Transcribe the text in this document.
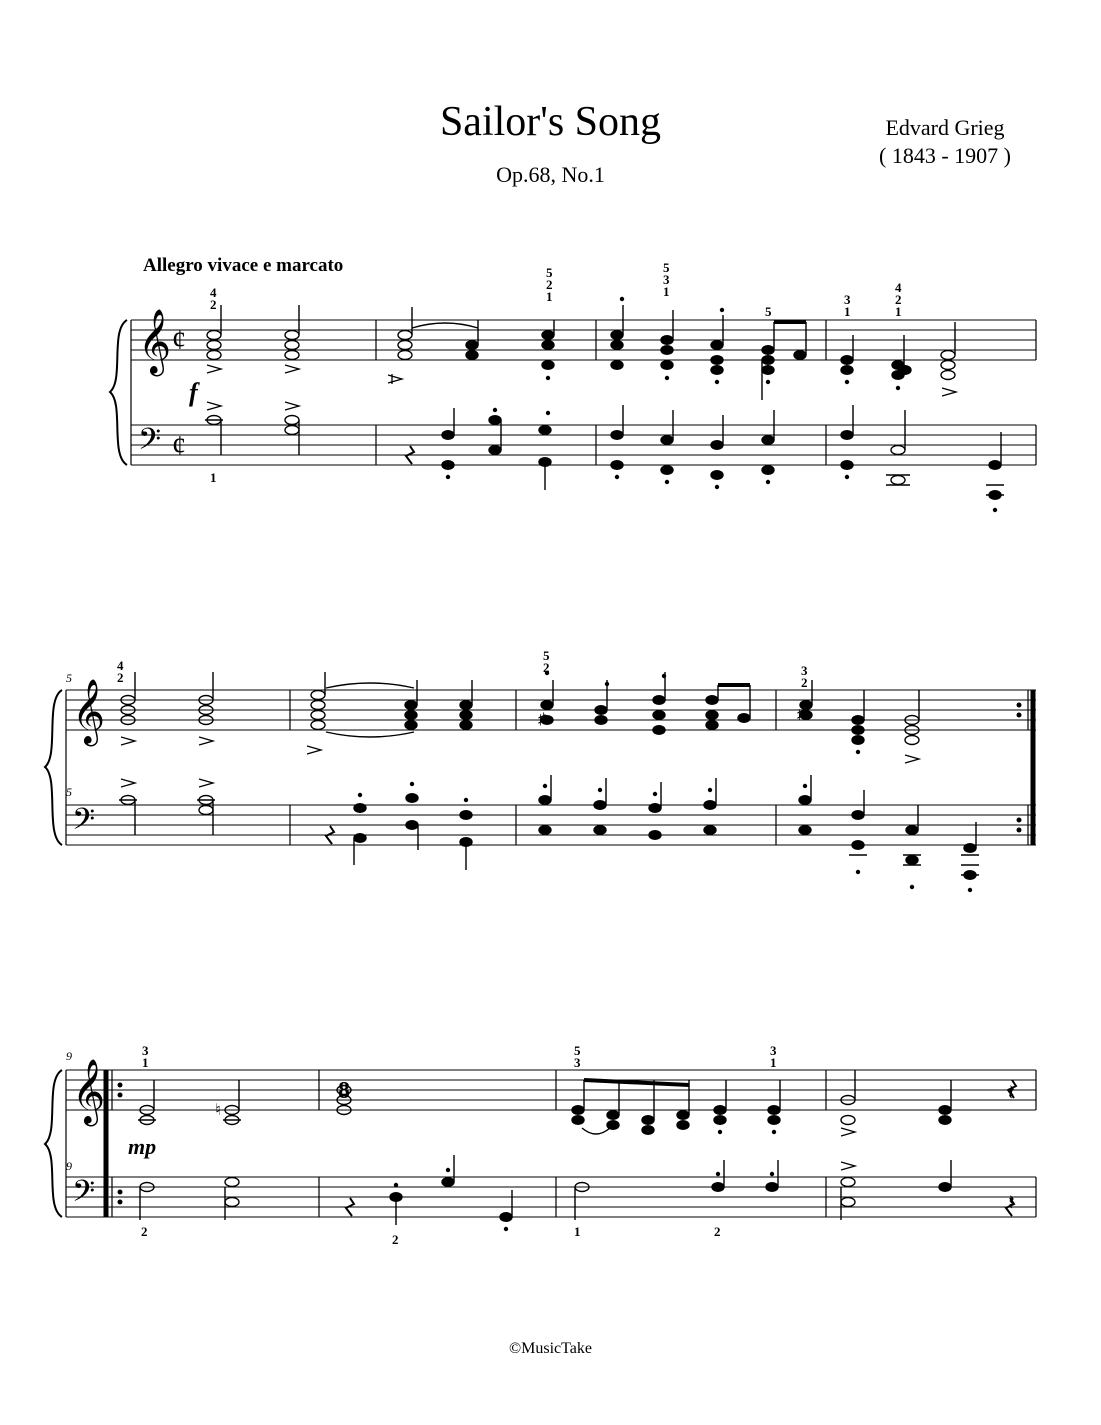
Sailor's Song
Op.68, No.1
Edvard Grieg
( 1843 - 1907 )
Allegro vivace e marcato
𝄞
𝄢
¢
¢
f
4
2
5
2
1
5
3
1
5
3
1
4
2
1
1
𝄞
𝄢
5
5
♯	♯
4
2
5
2	3
2
𝄞
𝄢
9
9
♮
8	𝄽
𝄽
mp
3
1
5
3
3
1
2
2
1	2
©MusicTake
